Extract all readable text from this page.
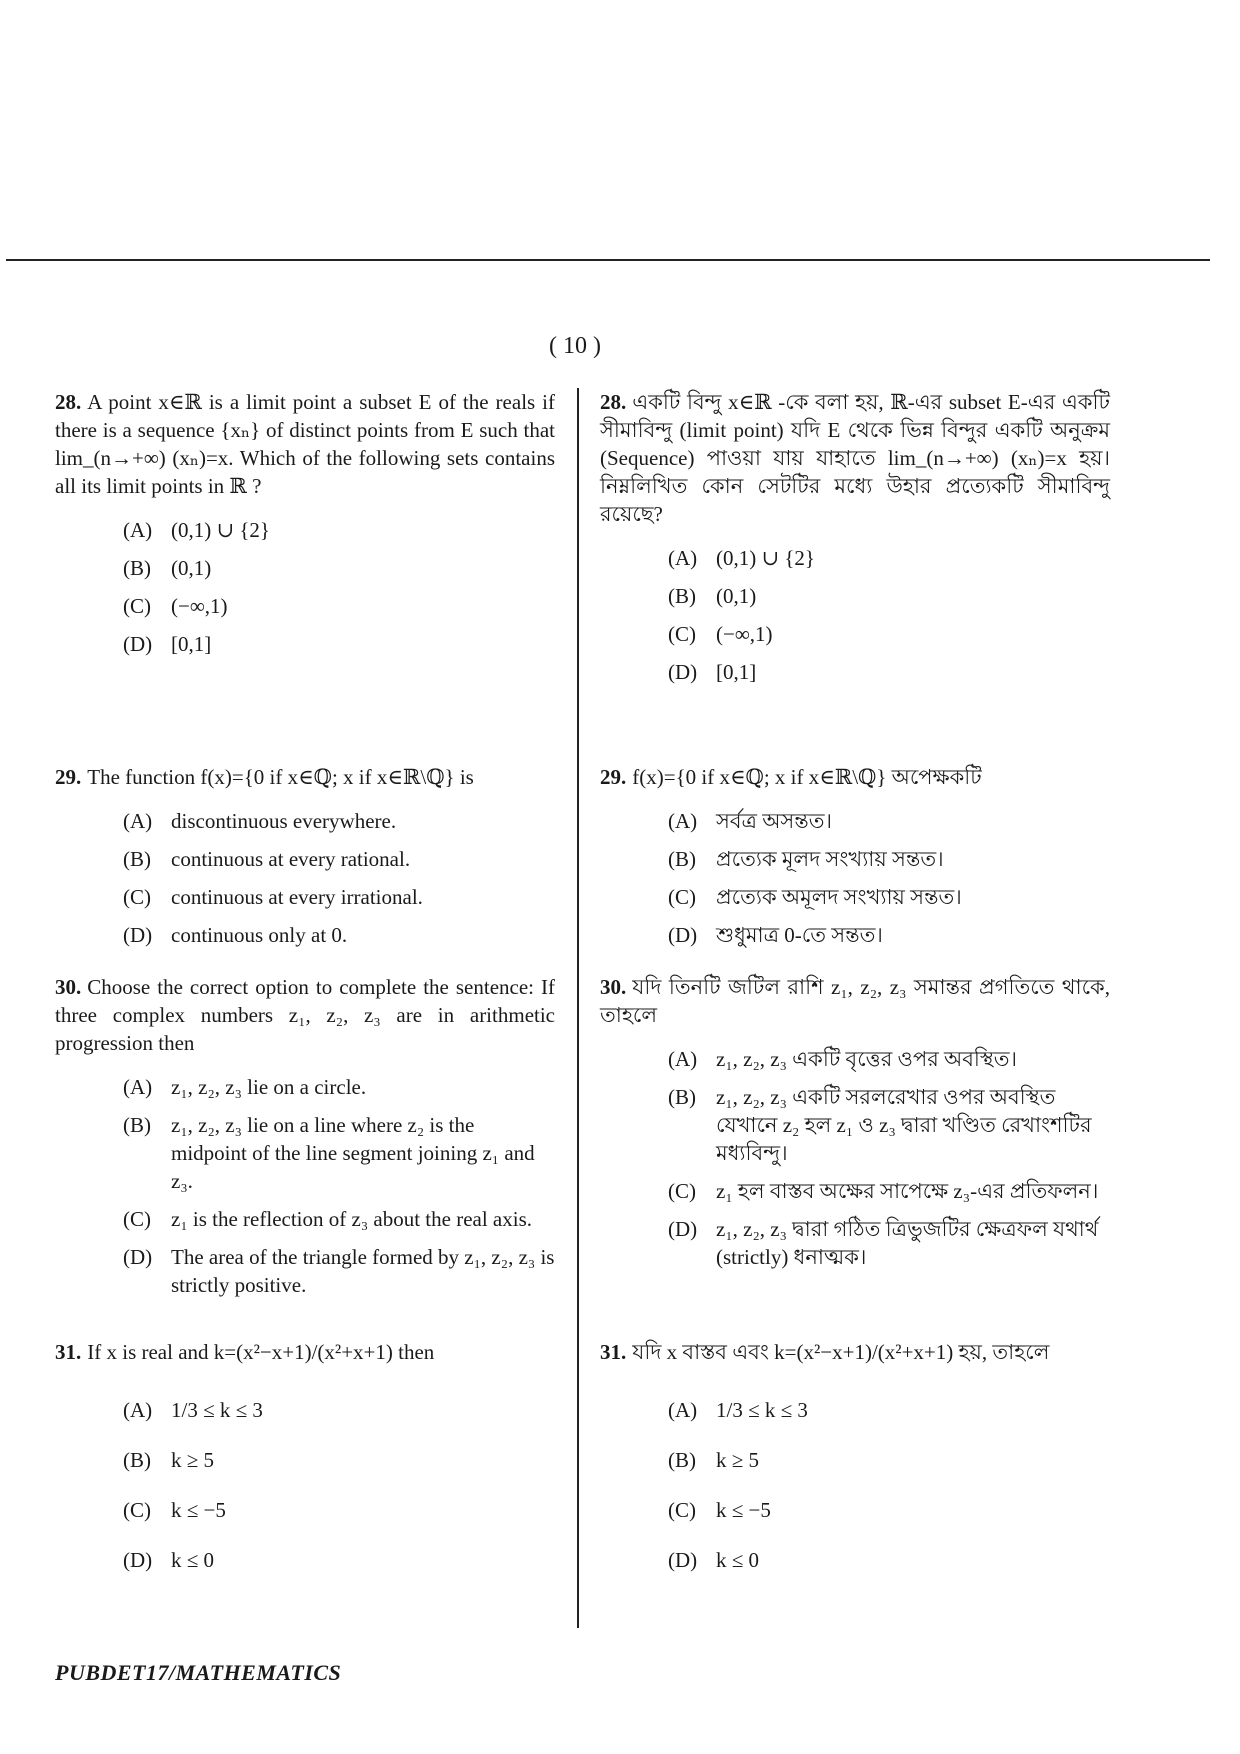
( 10 )
28. A point x∈ℝ is a limit point a subset E of the reals if there is a sequence {xₙ} of distinct points from E such that lim_(n→+∞) (xₙ)=x. Which of the following sets contains all its limit points in ℝ ?
(A) (0,1) ∪ {2}
(B) (0,1)
(C) (−∞,1)
(D) [0,1]
29. The function f(x)={0 if x∈ℚ; x if x∈ℝ\ℚ} is
(A) discontinuous everywhere.
(B) continuous at every rational.
(C) continuous at every irrational.
(D) continuous only at 0.
30. Choose the correct option to complete the sentence: If three complex numbers z₁, z₂, z₃ are in arithmetic progression then
(A) z₁, z₂, z₃ lie on a circle.
(B) z₁, z₂, z₃ lie on a line where z₂ is the midpoint of the line segment joining z₁ and z₃.
(C) z₁ is the reflection of z₃ about the real axis.
(D) The area of the triangle formed by z₁, z₂, z₃ is strictly positive.
31. If x is real and k=(x²−x+1)/(x²+x+1) then
(A) 1/3 ≤ k ≤ 3
(B) k ≥ 5
(C) k ≤ −5
(D) k ≤ 0
28. একটি বিন্দু x∈ℝ -কে বলা হয়, ℝ-এর subset E-এর একটি সীমাবিন্দু (limit point) যদি E থেকে ভিন্ন বিন্দুর একটি অনুক্রম (Sequence) পাওয়া যায় যাহাতে lim_(n→+∞) (xₙ)=x হয়। নিম্নলিখিত কোন সেটটির মধ্যে উহার প্রত্যেকটি সীমাবিন্দু রয়েছে?
(A) (0,1) ∪ {2}
(B) (0,1)
(C) (−∞,1)
(D) [0,1]
29. f(x)={0 if x∈ℚ; x if x∈ℝ\ℚ} অপেক্ষকটি
(A) সর্বত্র অসন্তত।
(B) প্রত্যেক মূলদ সংখ্যায় সন্তত।
(C) প্রত্যেক অমূলদ সংখ্যায় সন্তত।
(D) শুধুমাত্র 0-তে সন্তত।
30. যদি তিনটি জটিল রাশি z₁, z₂, z₃ সমান্তর প্রগতিতে থাকে, তাহলে
(A) z₁, z₂, z₃ একটি বৃত্তের ওপর অবস্থিত।
(B) z₁, z₂, z₃ একটি সরলরেখার ওপর অবস্থিত যেখানে z₂ হল z₁ ও z₃ দ্বারা খণ্ডিত রেখাংশটির মধ্যবিন্দু।
(C) z₁ হল বাস্তব অক্ষের সাপেক্ষে z₃-এর প্রতিফলন।
(D) z₁, z₂, z₃ দ্বারা গঠিত ত্রিভুজটির ক্ষেত্রফল যথার্থ (strictly) ধনাত্মক।
31. যদি x বাস্তব এবং k=(x²−x+1)/(x²+x+1) হয়, তাহলে
(A) 1/3 ≤ k ≤ 3
(B) k ≥ 5
(C) k ≤ −5
(D) k ≤ 0
PUBDET17/MATHEMATICS
